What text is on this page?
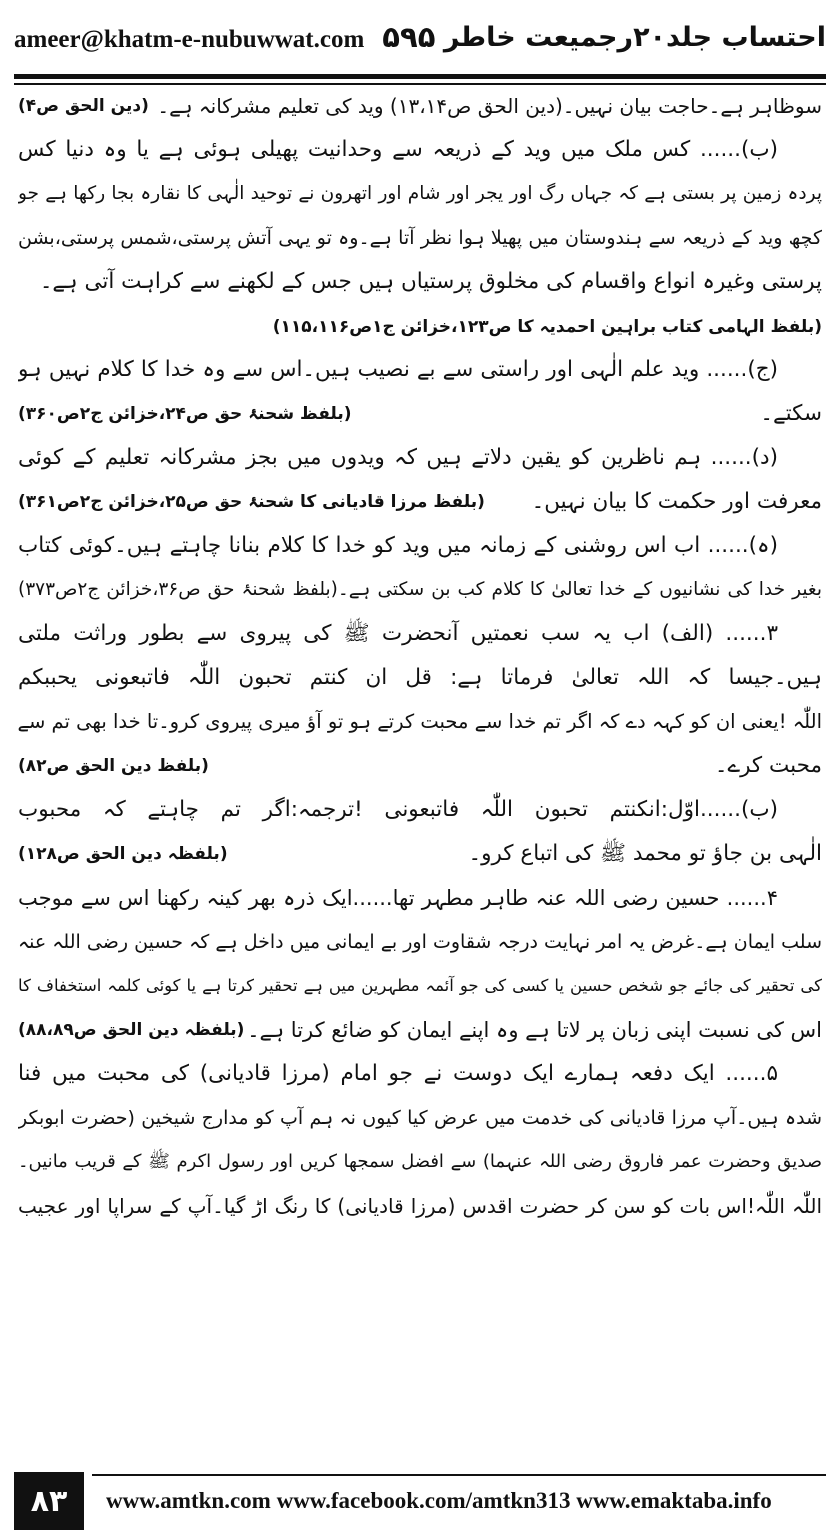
ameer@khatm-e-nubuwwat.com ۵۹۵ احتساب جلد۲۰رجمیعت خاطر
سوظاہر ہے۔حاجت بیان نہیں۔(دین الحق ص۱۳،۱۴) وید کی تعلیم مشرکانہ ہے۔
(دین الحق ص۴)
(ب)...... کس ملک میں وید کے ذریعہ سے وحدانیت پھیلی ہوئی ہے یا وہ دنیا کس
پردہ زمین پر بستی ہے کہ جہاں رگ اور یجر اور شام اور اتھرون نے توحید الٰہی کا نقارہ بجا رکھا ہے جو
کچھ وید کے ذریعہ سے ہندوستان میں پھیلا ہوا نظر آتا ہے۔وہ تو یہی آتش پرستی،شمس پرستی،بشن
پرستی وغیرہ انواع واقسام کی مخلوق پرستیاں ہیں جس کے لکھنے سے کراہت آتی ہے۔
(بلفظ الہامی کتاب براہین احمدیہ کا ص۱۲۳،خزائن ج۱ص۱۱۵،۱۱۶)
(ج)...... وید علم الٰہی اور راستی سے بے نصیب ہیں۔اس سے وہ خدا کا کلام نہیں ہو
سکتے۔
(بلفظ شحنۂ حق ص۲۴،خزائن ج۲ص۳۶۰)
(د)...... ہم ناظرین کو یقین دلاتے ہیں کہ ویدوں میں بجز مشرکانہ تعلیم کے کوئی
معرفت اور حکمت کا بیان نہیں۔
(بلفظ مرزا قادیانی کا شحنۂ حق ص۲۵،خزائن ج۲ص۳۶۱)
(ہ)...... اب اس روشنی کے زمانہ میں وید کو خدا کا کلام بنانا چاہتے ہیں۔کوئی کتاب
بغیر خدا کی نشانیوں کے خدا تعالیٰ کا کلام کب بن سکتی ہے۔(بلفظ شحنۂ حق ص۳۶،خزائن ج۲ص۳۷۳)
۳...... (الف) اب یہ سب نعمتیں آنحضرت ﷺ کی پیروی سے بطور وراثت ملتی
ہیں۔جیسا کہ اللہ تعالیٰ فرماتا ہے: قل ان کنتم تحبون اللّٰہ فاتبعونی یحببکم
اللّٰہ !یعنی ان کو کہہ دے کہ اگر تم خدا سے محبت کرتے ہو تو آؤ میری پیروی کرو۔تا خدا بھی تم سے
محبت کرے۔
(بلفظ دین الحق ص۸۲)
(ب)......اوّل:انکنتم تحبون اللّٰہ فاتبعونی !ترجمہ:اگر تم چاہتے کہ محبوب
الٰہی بن جاؤ تو محمد ﷺ کی اتباع کرو۔
(بلفظہ دین الحق ص۱۲۸)
۴...... حسین رضی اللہ عنہ طاہر مطہر تھا......ایک ذرہ بھر کینہ رکھنا اس سے موجب
سلب ایمان ہے۔غرض یہ امر نہایت درجہ شقاوت اور بے ایمانی میں داخل ہے کہ حسین رضی اللہ عنہ
کی تحقیر کی جائے جو شخص حسین یا کسی کی جو آئمہ مطہرین میں ہے تحقیر کرتا ہے یا کوئی کلمہ استخفاف کا
اس کی نسبت اپنی زبان پر لاتا ہے وہ اپنے ایمان کو ضائع کرتا ہے۔
(بلفظہ دین الحق ص۸۸،۸۹)
۵...... ایک دفعہ ہمارے ایک دوست نے جو امام (مرزا قادیانی) کی محبت میں فنا
شدہ ہیں۔آپ مرزا قادیانی کی خدمت میں عرض کیا کیوں نہ ہم آپ کو مدارج شیخین (حضرت ابوبکر
صدیق وحضرت عمر فاروق رضی اللہ عنہما) سے افضل سمجھا کریں اور رسول اکرم ﷺ کے قریب مانیں۔
اللّٰہ اللّٰہ!اس بات کو سن کر حضرت اقدس (مرزا قادیانی) کا رنگ اڑ گیا۔آپ کے سراپا اور عجیب
۸۳	www.amtkn.com www.facebook.com/amtkn313 www.emaktaba.info
